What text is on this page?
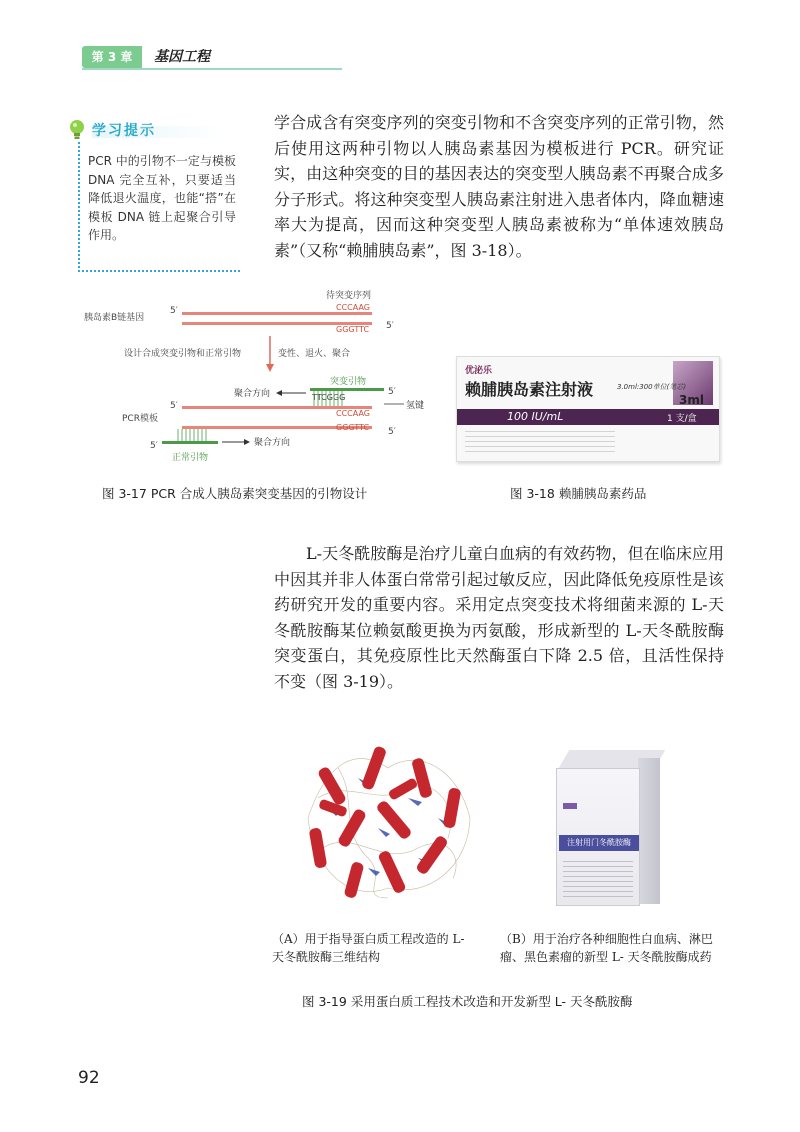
第 3 章	基因工程
学习提示
PCR 中的引物不一定与模板 DNA 完全互补，只要适当降低退火温度，也能“搭”在模板 DNA 链上起聚合引导作用。
学合成含有突变序列的突变引物和不含突变序列的正常引物，然后使用这两种引物以人胰岛素基因为模板进行 PCR。研究证实，由这种突变的目的基因表达的突变型人胰岛素不再聚合成多分子形式。将这种突变型人胰岛素注射进入患者体内，降血糖速率大为提高，因而这种突变型人胰岛素被称为“单体速效胰岛素”（又称“赖脯胰岛素”，图 3-18）。
待突变序列
5′
胰岛素B链基因
CCCAAG
GGGTTC 5′
设计合成突变引物和正常引物	变性、退火、聚合
突变引物
5′
TTCGGG
聚合方向
氢键
5′
CCCAAG
PCR模板
GGGTTC 5′
5′	聚合方向
正常引物
图 3-17 PCR 合成人胰岛素突变基因的引物设计
优泌乐
赖脯胰岛素注射液	3.0ml:300单位(笔芯)
3ml
100 IU/mL	1 支/盒
图 3-18 赖脯胰岛素药品
L-天冬酰胺酶是治疗儿童白血病的有效药物，但在临床应用中因其并非人体蛋白常常引起过敏反应，因此降低免疫原性是该药研究开发的重要内容。采用定点突变技术将细菌来源的 L-天冬酰胺酶某位赖氨酸更换为丙氨酸，形成新型的 L-天冬酰胺酶突变蛋白，其免疫原性比天然酶蛋白下降 2.5 倍，且活性保持不变（图 3-19）。
注射用门冬酰胺酶
（A）用于指导蛋白质工程改造的 L- 天冬酰胺酶三维结构
（B）用于治疗各种细胞性白血病、淋巴瘤、黑色素瘤的新型 L- 天冬酰胺酶成药
图 3-19 采用蛋白质工程技术改造和开发新型 L- 天冬酰胺酶
92
